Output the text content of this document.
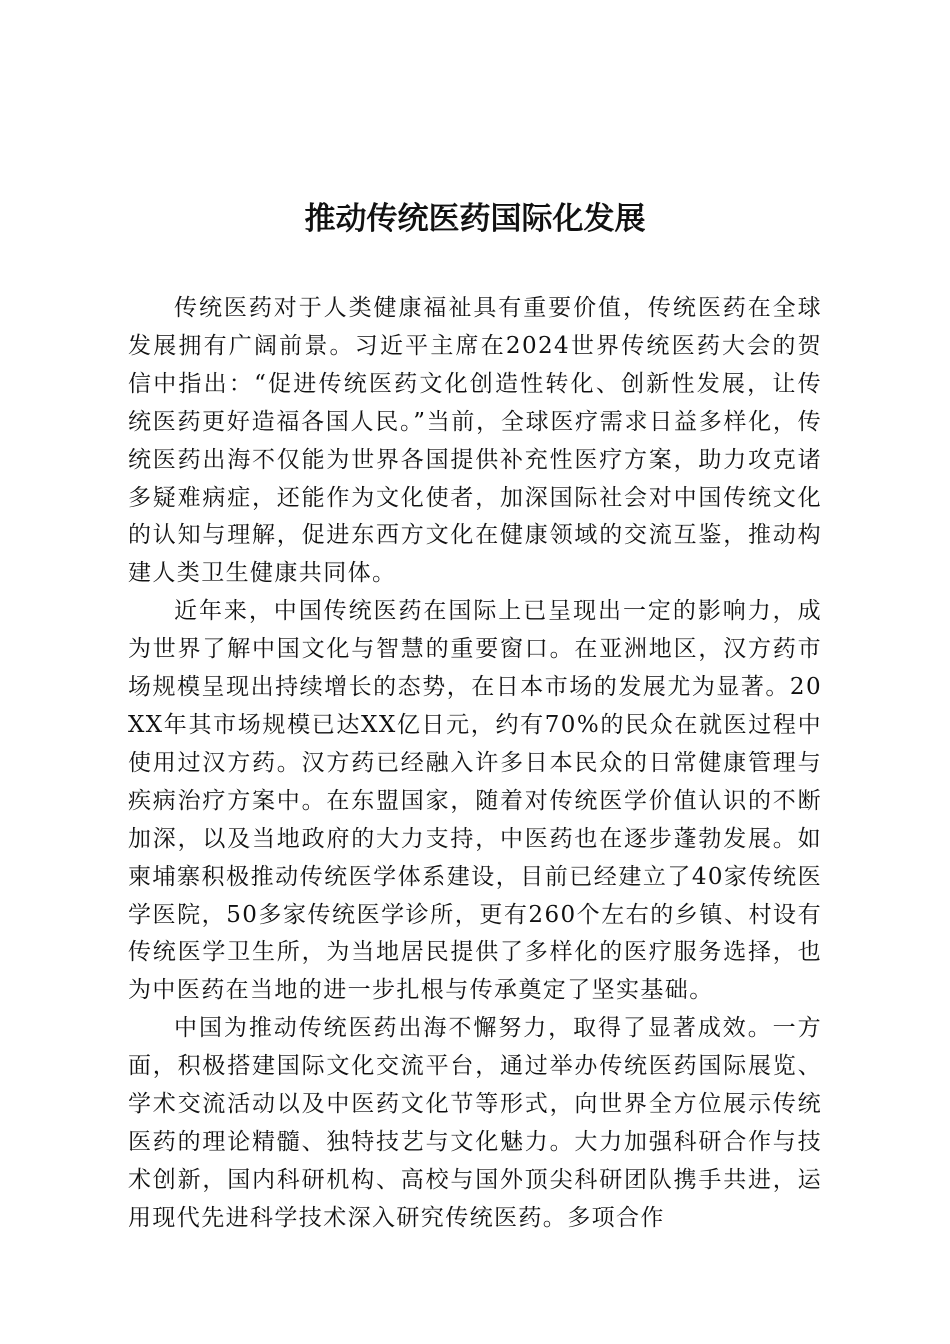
推动传统医药国际化发展

传统医药对于人类健康福祉具有重要价值，传统医药在全球发展拥有广阔前景。习近平主席在2024世界传统医药大会的贺信中指出：“促进传统医药文化创造性转化、创新性发展，让传统医药更好造福各国人民。”当前，全球医疗需求日益多样化，传统医药出海不仅能为世界各国提供补充性医疗方案，助力攻克诸多疑难病症，还能作为文化使者，加深国际社会对中国传统文化的认知与理解，促进东西方文化在健康领域的交流互鉴，推动构建人类卫生健康共同体。

近年来，中国传统医药在国际上已呈现出一定的影响力，成为世界了解中国文化与智慧的重要窗口。在亚洲地区，汉方药市场规模呈现出持续增长的态势，在日本市场的发展尤为显著。20XX年其市场规模已达XX亿日元，约有70%的民众在就医过程中使用过汉方药。汉方药已经融入许多日本民众的日常健康管理与疾病治疗方案中。在东盟国家，随着对传统医学价值认识的不断加深，以及当地政府的大力支持，中医药也在逐步蓬勃发展。如柬埔寨积极推动传统医学体系建设，目前已经建立了40家传统医学医院，50多家传统医学诊所，更有260个左右的乡镇、村设有传统医学卫生所，为当地居民提供了多样化的医疗服务选择，也为中医药在当地的进一步扎根与传承奠定了坚实基础。

中国为推动传统医药出海不懈努力，取得了显著成效。一方面，积极搭建国际文化交流平台，通过举办传统医药国际展览、学术交流活动以及中医药文化节等形式，向世界全方位展示传统医药的理论精髓、独特技艺与文化魅力。大力加强科研合作与技术创新，国内科研机构、高校与国外顶尖科研团队携手共进，运用现代先进科学技术深入研究传统医药。多项合作
